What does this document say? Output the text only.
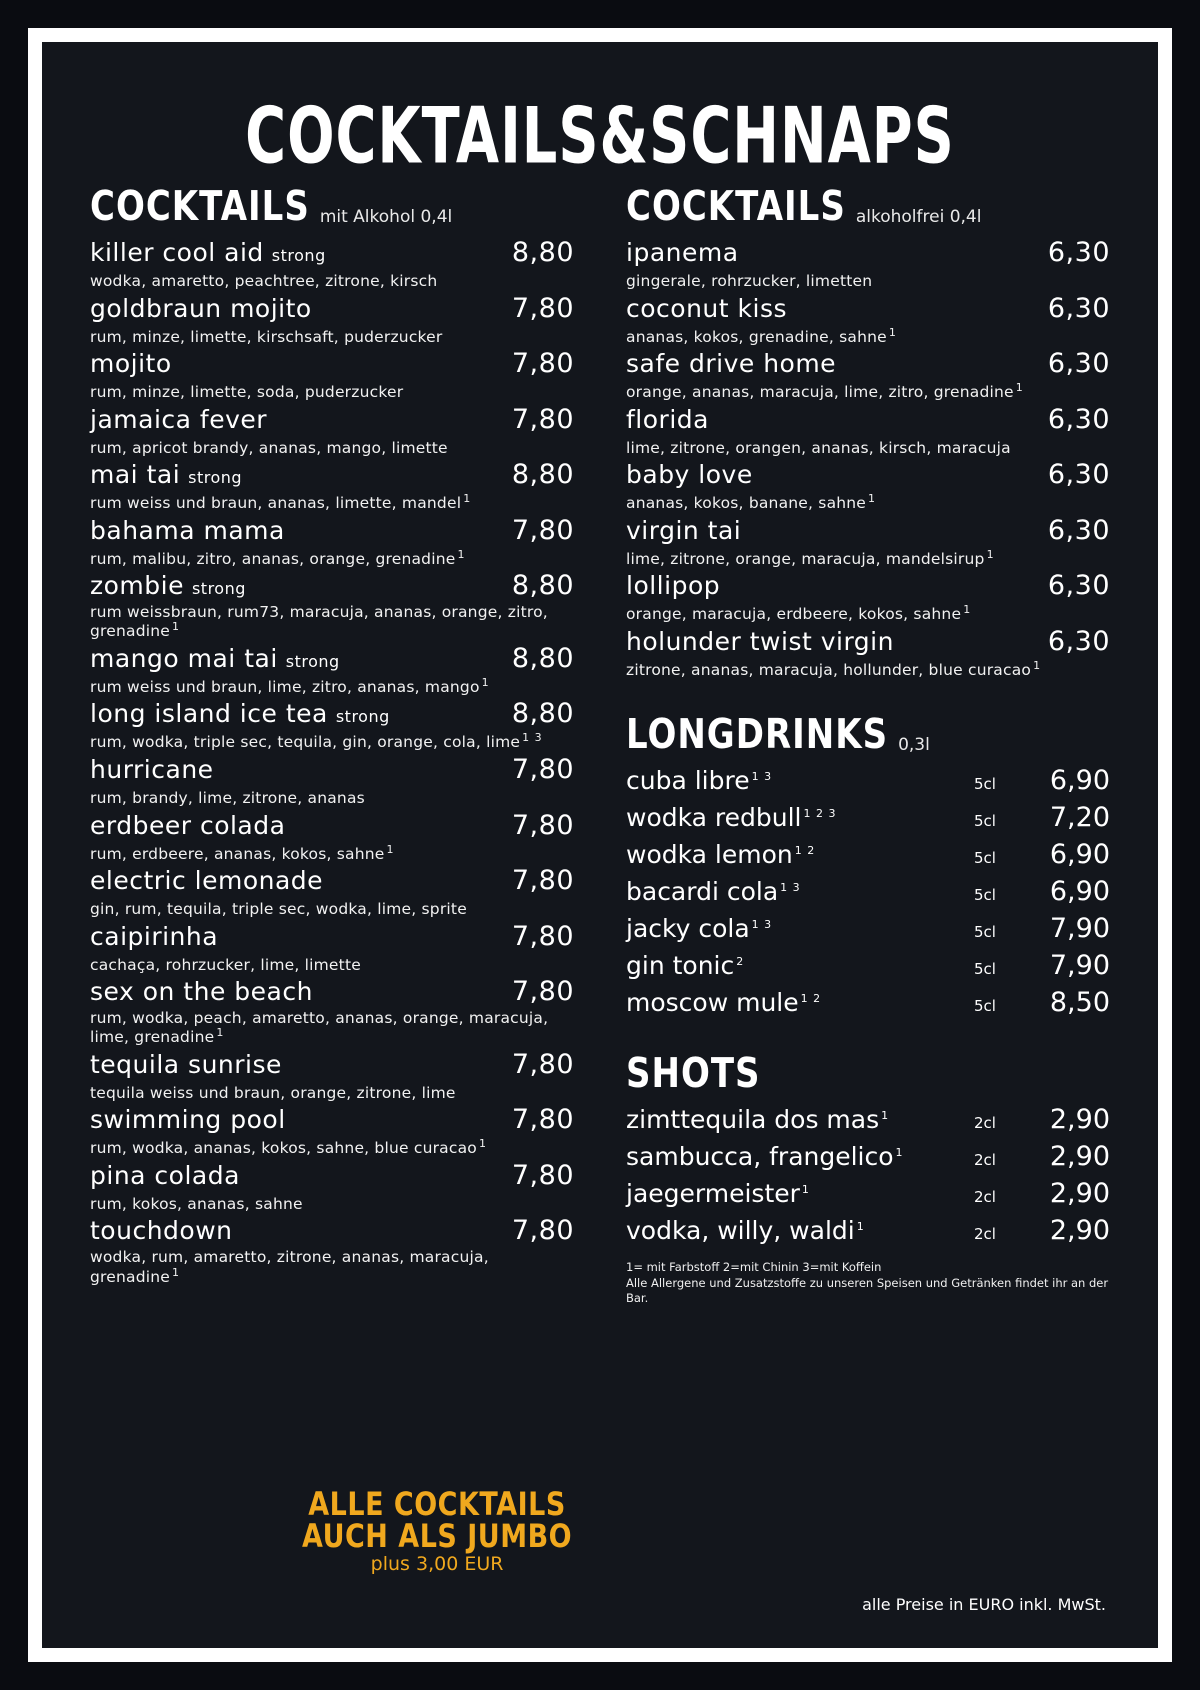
COCKTAILS&SCHNAPS
COCKTAILS mit Alkohol 0,4l
killer cool aid strong	8,80
wodka, amaretto, peachtree, zitrone, kirsch
goldbraun mojito	7,80
rum, minze, limette, kirschsaft, puderzucker
mojito	7,80
rum, minze, limette, soda, puderzucker
jamaica fever	7,80
rum, apricot brandy, ananas, mango, limette
mai tai strong	8,80
rum weiss und braun, ananas, limette, mandel $^1$
bahama mama	7,80
rum, malibu, zitro, ananas, orange, grenadine $^1$
zombie strong	8,80
rum weissbraun, rum73, maracuja, ananas, orange, zitro, grenadine $^1$
mango mai tai strong	8,80
rum weiss und braun, lime, zitro, ananas, mango $^1$
long island ice tea strong	8,80
rum, wodka, triple sec, tequila, gin, orange, cola, lime $^{1 3}$
hurricane	7,80
rum, brandy, lime, zitrone, ananas
erdbeer colada	7,80
rum, erdbeere, ananas, kokos, sahne $^1$
electric lemonade	7,80
gin, rum, tequila, triple sec, wodka, lime, sprite
caipirinha	7,80
cachaça, rohrzucker, lime, limette
sex on the beach	7,80
rum, wodka, peach, amaretto, ananas, orange, maracuja, lime, grenadine $^1$
tequila sunrise	7,80
tequila weiss und braun, orange, zitrone, lime
swimming pool	7,80
rum, wodka, ananas, kokos, sahne, blue curacao $^1$
pina colada	7,80
rum, kokos, ananas, sahne
touchdown	7,80
wodka, rum, amaretto, zitrone, ananas, maracuja, grenadine $^1$
COCKTAILS alkoholfrei 0,4l
ipanema	6,30
gingerale, rohrzucker, limetten
coconut kiss	6,30
ananas, kokos, grenadine, sahne $^1$
safe drive home	6,30
orange, ananas, maracuja, lime, zitro, grenadine $^1$
florida	6,30
lime, zitrone, orangen, ananas, kirsch, maracuja
baby love	6,30
ananas, kokos, banane, sahne $^1$
virgin tai	6,30
lime, zitrone, orange, maracuja, mandelsirup $^1$
lollipop	6,30
orange, maracuja, erdbeere, kokos, sahne $^1$
holunder twist virgin	6,30
zitrone, ananas, maracuja, hollunder, blue curacao $^1$
LONGDRINKS 0,3l
cuba libre $^{1 3}$	5cl	6,90
wodka redbull $^{1 2 3}$	5cl	7,20
wodka lemon $^{1 2}$	5cl	6,90
bacardi cola $^{1 3}$	5cl	6,90
jacky cola $^{1 3}$	5cl	7,90
gin tonic $^2$	5cl	7,90
moscow mule $^{1 2}$	5cl	8,50
SHOTS
zimttequila dos mas $^1$	2cl	2,90
sambucca, frangelico $^1$	2cl	2,90
jaegermeister $^1$	2cl	2,90
vodka, willy, waldi $^1$	2cl	2,90
1= mit Farbstoff 2=mit Chinin 3=mit Koffein
Alle Allergene und Zusatzstoffe zu unseren Speisen und Getränken findet ihr an der Bar.
ALLE COCKTAILS
AUCH ALS JUMBO
plus 3,00 EUR
alle Preise in EURO inkl. MwSt.
